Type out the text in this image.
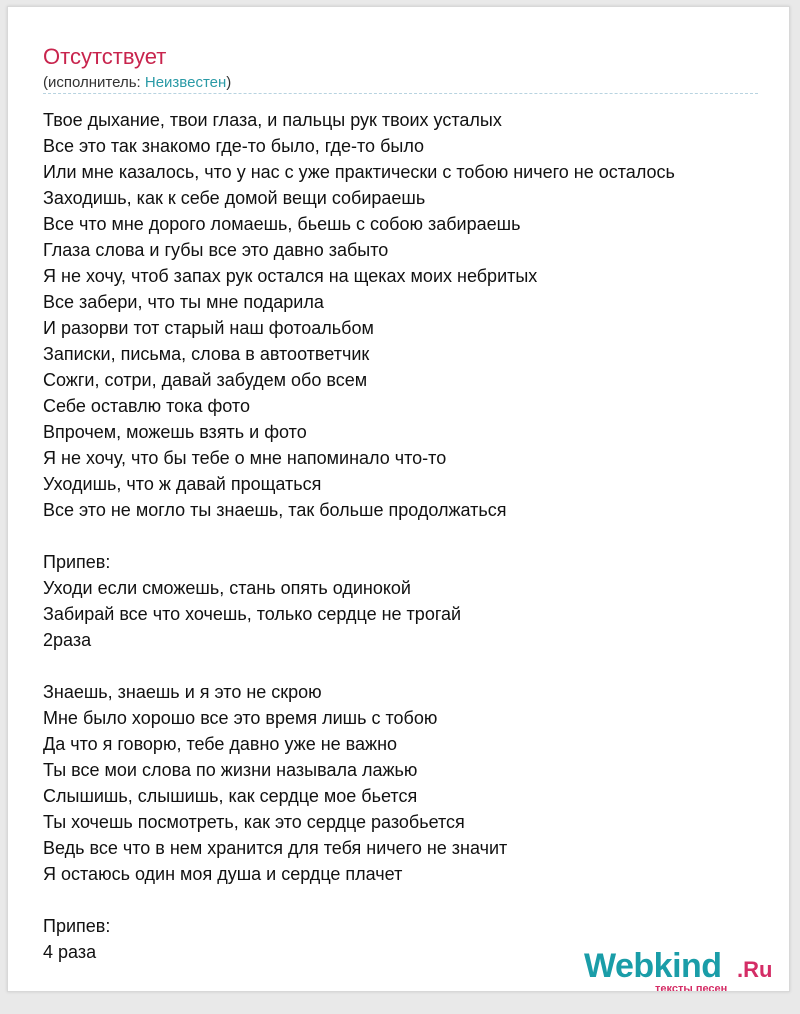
Отсутствует
(исполнитель: Неизвестен)
Твое дыхание, твои глаза, и пальцы рук твоих усталых
Все это так знакомо где-то было, где-то было
Или мне казалось, что у нас с уже практически с тобою ничего не осталось
Заходишь, как к себе домой вещи собираешь
Все что мне дорого ломаешь, бьешь с собою забираешь
Глаза слова и губы все это давно забыто
Я не хочу, чтоб запах рук остался на щеках моих небритых
Все забери, что ты мне подарила
И разорви тот старый наш фотоальбом
Записки, письма, слова в автоответчик
Сожги, сотри, давай забудем обо всем
Себе оставлю тока фото
Впрочем, можешь взять и фото
Я не хочу, что бы тебе о мне напоминало что-то
Уходишь, что ж давай прощаться
Все это не могло ты знаешь, так больше продолжаться
Припев:
Уходи если сможешь, стань опять одинокой
Забирай все что хочешь, только сердце не трогай
2раза
Знаешь, знаешь и я это не скрою
Мне было хорошо все это время лишь с тобою
Да что я говорю, тебе давно уже не важно
Ты все мои слова по жизни называла лажью
Слышишь, слышишь, как сердце мое бьется
Ты хочешь посмотреть, как это сердце разобьется
Ведь все что в нем хранится для тебя ничего не значит
Я остаюсь один моя душа и сердце плачет
Припев:
4 раза	Webkind .Ru
тексты песен
